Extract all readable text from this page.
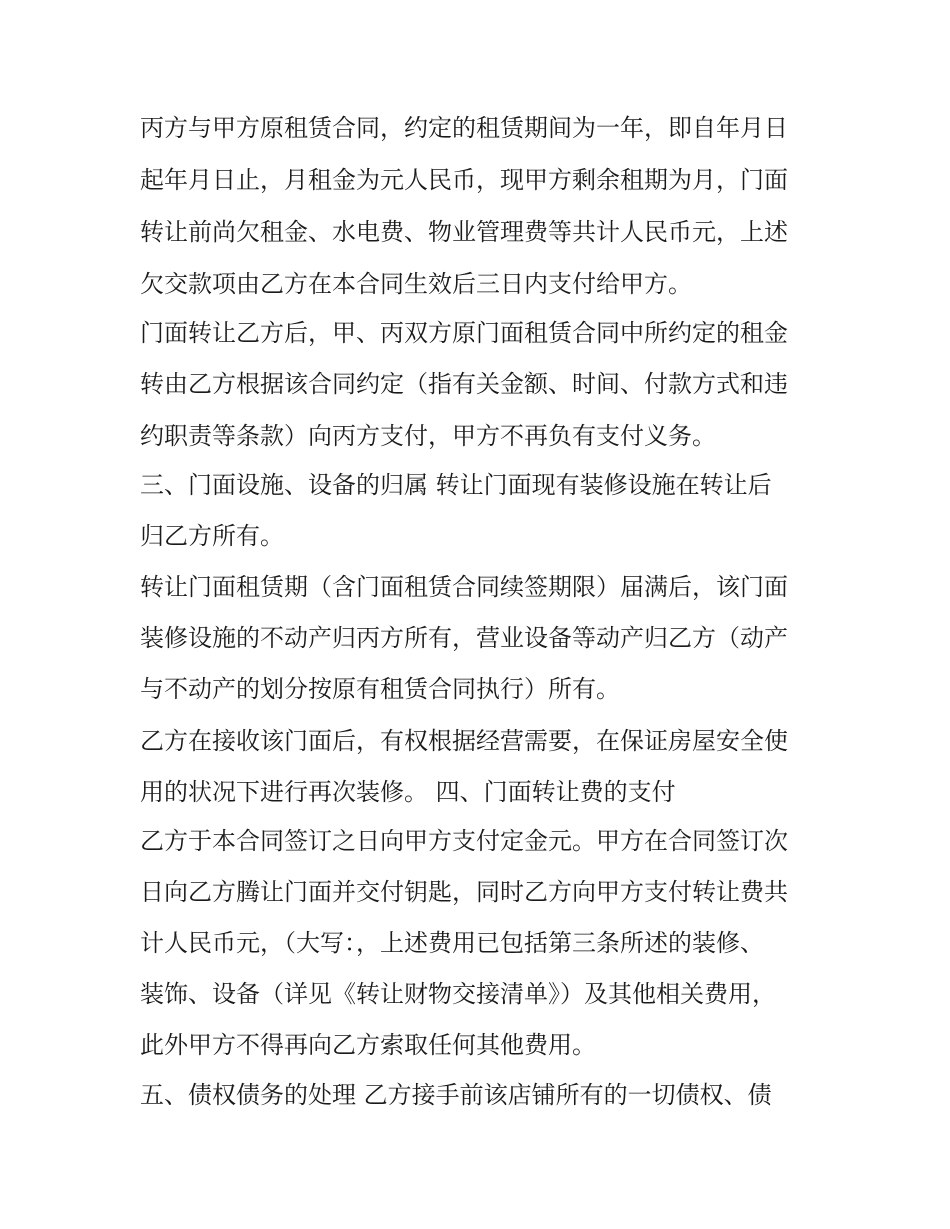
丙方与甲方原租赁合同，约定的租赁期间为一年，即自年月日
起年月日止，月租金为元人民币，现甲方剩余租期为月，门面
转让前尚欠租金、水电费、物业管理费等共计人民币元，上述
欠交款项由乙方在本合同生效后三日内支付给甲方。
门面转让乙方后，甲、丙双方原门面租赁合同中所约定的租金
转由乙方根据该合同约定（指有关金额、时间、付款方式和违
约职责等条款）向丙方支付，甲方不再负有支付义务。
三、门面设施、设备的归属 转让门面现有装修设施在转让后
归乙方所有。
转让门面租赁期（含门面租赁合同续签期限）届满后，该门面
装修设施的不动产归丙方所有，营业设备等动产归乙方（动产
与不动产的划分按原有租赁合同执行）所有。
乙方在接收该门面后，有权根据经营需要，在保证房屋安全使
用的状况下进行再次装修。 四、门面转让费的支付
乙方于本合同签订之日向甲方支付定金元。甲方在合同签订次
日向乙方腾让门面并交付钥匙，同时乙方向甲方支付转让费共
计人民币元，（大写：，上述费用已包括第三条所述的装修、
装饰、设备（详见《转让财物交接清单》）及其他相关费用，
此外甲方不得再向乙方索取任何其他费用。
五、债权债务的处理 乙方接手前该店铺所有的一切债权、债
